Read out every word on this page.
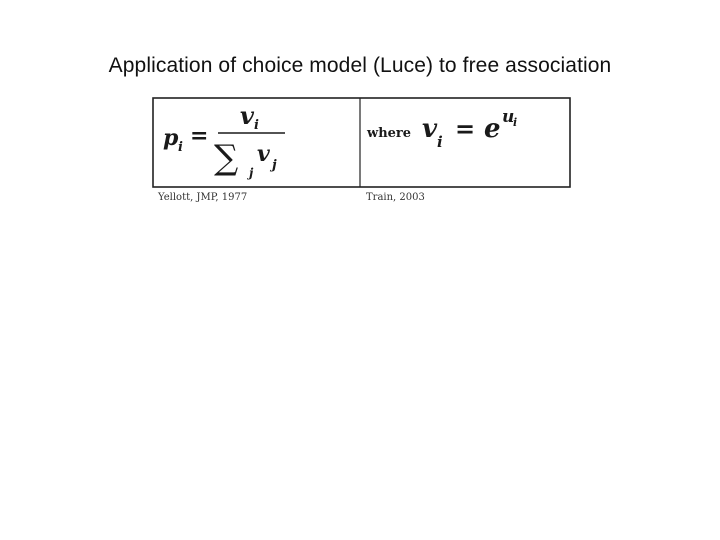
Application of choice model (Luce) to free association
p i =
v i
∑ j
v j
where v i = e u
i
Yellott, JMP, 1977	Train, 2003
